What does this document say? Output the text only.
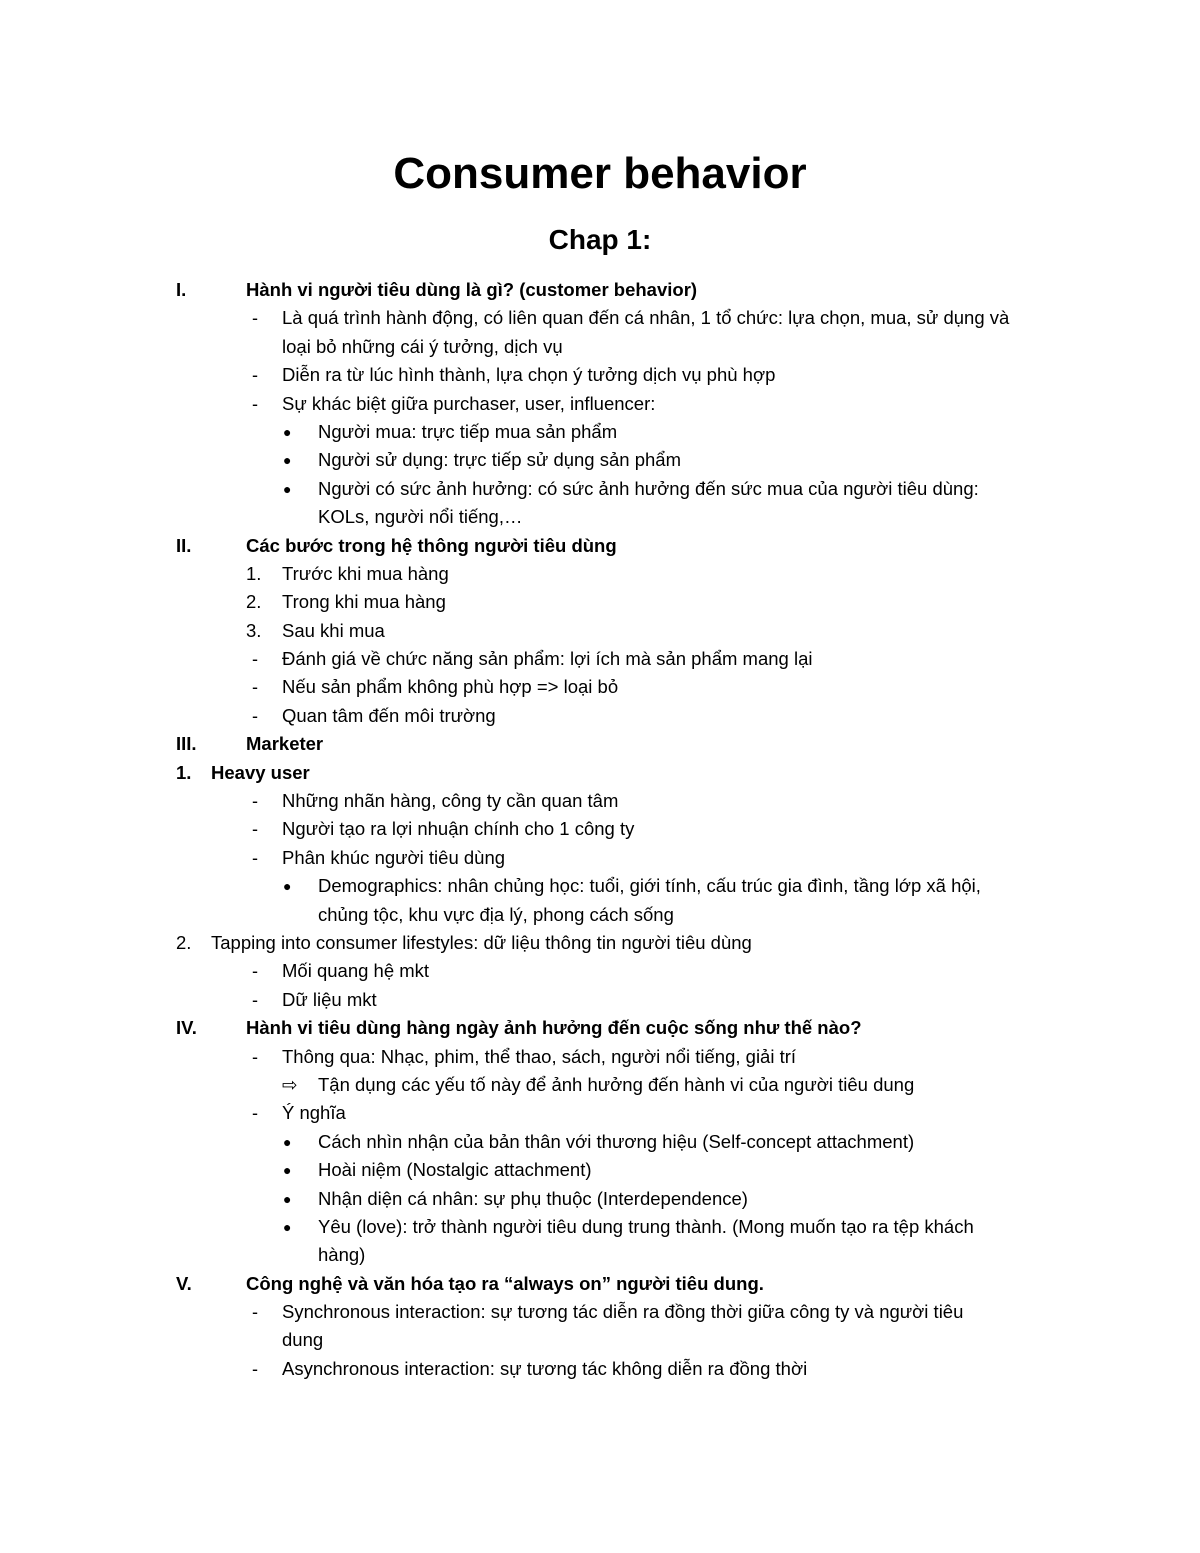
Consumer behavior
Chap 1:
I.	Hành vi người tiêu dùng là gì? (customer behavior)
- Là quá trình hành động, có liên quan đến cá nhân, 1 tổ chức: lựa chọn, mua, sử dụng và
loại bỏ những cái ý tưởng, dịch vụ
- Diễn ra từ lúc hình thành, lựa chọn ý tưởng dịch vụ phù hợp
- Sự khác biệt giữa purchaser, user, influencer:
● Người mua: trực tiếp mua sản phẩm
● Người sử dụng: trực tiếp sử dụng sản phẩm
● Người có sức ảnh hưởng: có sức ảnh hưởng đến sức mua của người tiêu dùng:
KOLs, người nổi tiếng,…
II.	Các bước trong hệ thông người tiêu dùng
1. Trước khi mua hàng
2. Trong khi mua hàng
3. Sau khi mua
- Đánh giá về chức năng sản phẩm: lợi ích mà sản phẩm mang lại
- Nếu sản phẩm không phù hợp => loại bỏ
- Quan tâm đến môi trường
III.	Marketer
1. Heavy user
- Những nhãn hàng, công ty cần quan tâm
- Người tạo ra lợi nhuận chính cho 1 công ty
- Phân khúc người tiêu dùng
● Demographics: nhân chủng học: tuổi, giới tính, cấu trúc gia đình, tầng lớp xã hội,
chủng tộc, khu vực địa lý, phong cách sống
2. Tapping into consumer lifestyles: dữ liệu thông tin người tiêu dùng
- Mối quang hệ mkt
- Dữ liệu mkt
IV.	Hành vi tiêu dùng hàng ngày ảnh hưởng đến cuộc sống như thế nào?
- Thông qua: Nhạc, phim, thể thao, sách, người nổi tiếng, giải trí
⇨ Tận dụng các yếu tố này để ảnh hưởng đến hành vi của người tiêu dung
- Ý nghĩa
● Cách nhìn nhận của bản thân với thương hiệu (Self-concept attachment)
● Hoài niệm (Nostalgic attachment)
● Nhận diện cá nhân: sự phụ thuộc (Interdependence)
● Yêu (love): trở thành người tiêu dung trung thành. (Mong muốn tạo ra tệp khách
hàng)
V.	Công nghệ và văn hóa tạo ra “always on” người tiêu dung.
- Synchronous interaction: sự tương tác diễn ra đồng thời giữa công ty và người tiêu
dung
- Asynchronous interaction: sự tương tác không diễn ra đồng thời
